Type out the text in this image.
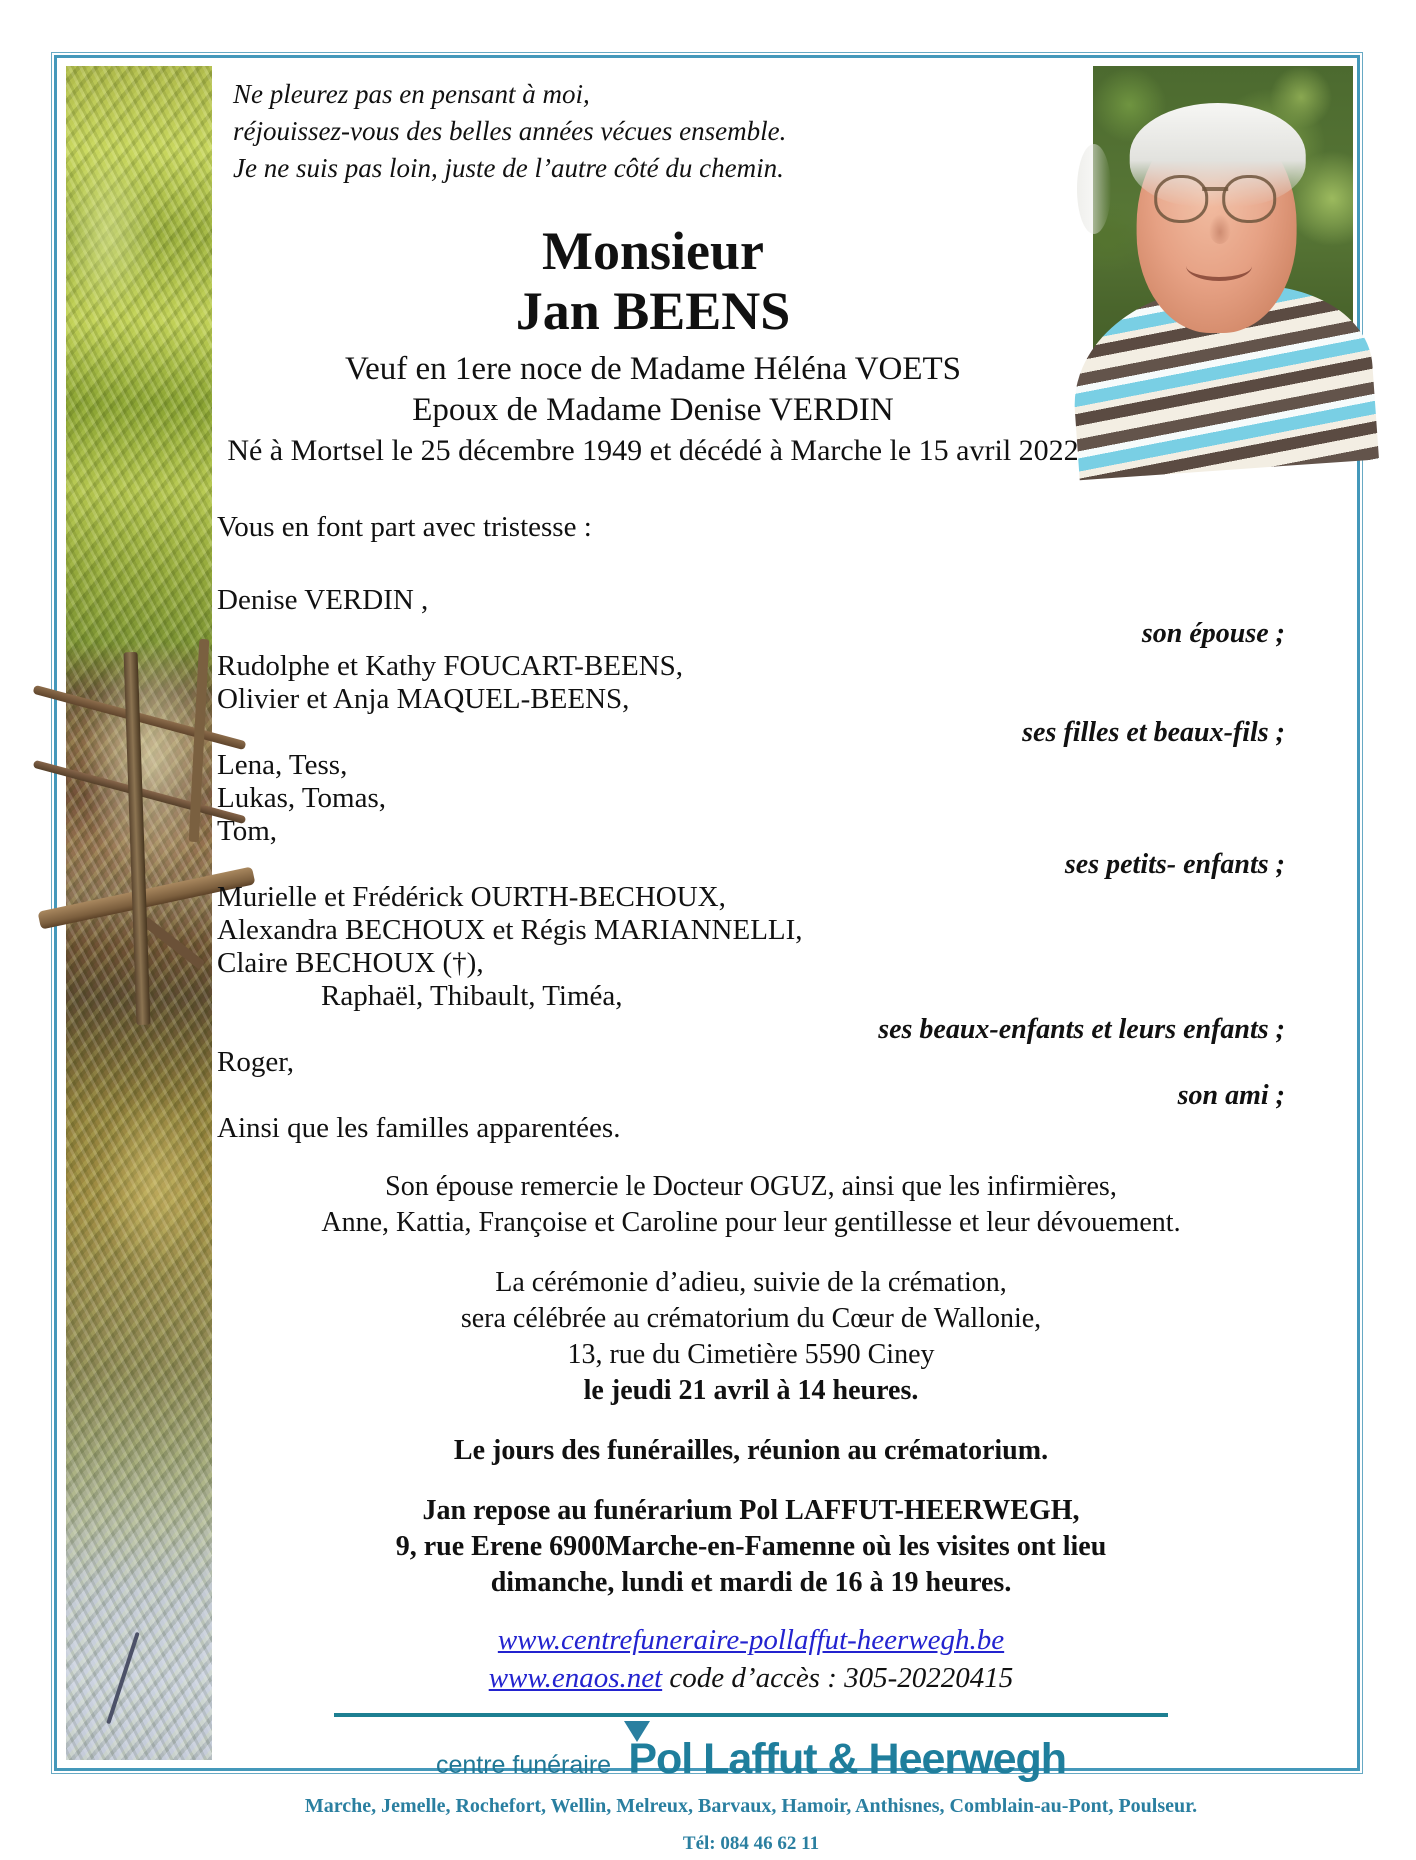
Ne pleurez pas en pensant à moi,
réjouissez-vous des belles années vécues ensemble.
Je ne suis pas loin, juste de l’autre côté du chemin.
Monsieur
Jan BEENS
Veuf en 1ere noce de Madame Héléna VOETS
Epoux de Madame Denise VERDIN
Né à Mortsel le 25 décembre 1949 et décédé à Marche le 15 avril 2022
Vous en font part avec tristesse :
Denise VERDIN ,
son épouse ;
Rudolphe et Kathy FOUCART-BEENS,
Olivier et Anja MAQUEL-BEENS,
ses filles et beaux-fils ;
Lena, Tess,
Lukas, Tomas,
Tom,
ses petits- enfants ;
Murielle et Frédérick OURTH-BECHOUX,
Alexandra BECHOUX et Régis MARIANNELLI,
Claire BECHOUX (†),
Raphaël, Thibault, Timéa,
ses beaux-enfants et leurs enfants ;
Roger,
son ami ;
Ainsi que les familles apparentées.
Son épouse remercie le Docteur OGUZ, ainsi que les infirmières,
Anne, Kattia, Françoise et Caroline pour leur gentillesse et leur dévouement.
La cérémonie d’adieu, suivie de la crémation,
sera célébrée au crématorium du Cœur de Wallonie,
13, rue du Cimetière 5590 Ciney
le jeudi 21 avril à 14 heures.
Le jours des funérailles, réunion au crématorium.
Jan repose au funérarium Pol LAFFUT-HEERWEGH,
9, rue Erene 6900Marche-en-Famenne où les visites ont lieu
dimanche, lundi et mardi de 16 à 19 heures.
www.centrefuneraire-pollaffut-heerwegh.be
www.enaos.net code d’accès : 305-20220415
centre funéraire Pol Laffut & Heerwegh
Marche, Jemelle, Rochefort, Wellin, Melreux, Barvaux, Hamoir, Anthisnes, Comblain-au-Pont, Poulseur.
Tél: 084 46 62 11
